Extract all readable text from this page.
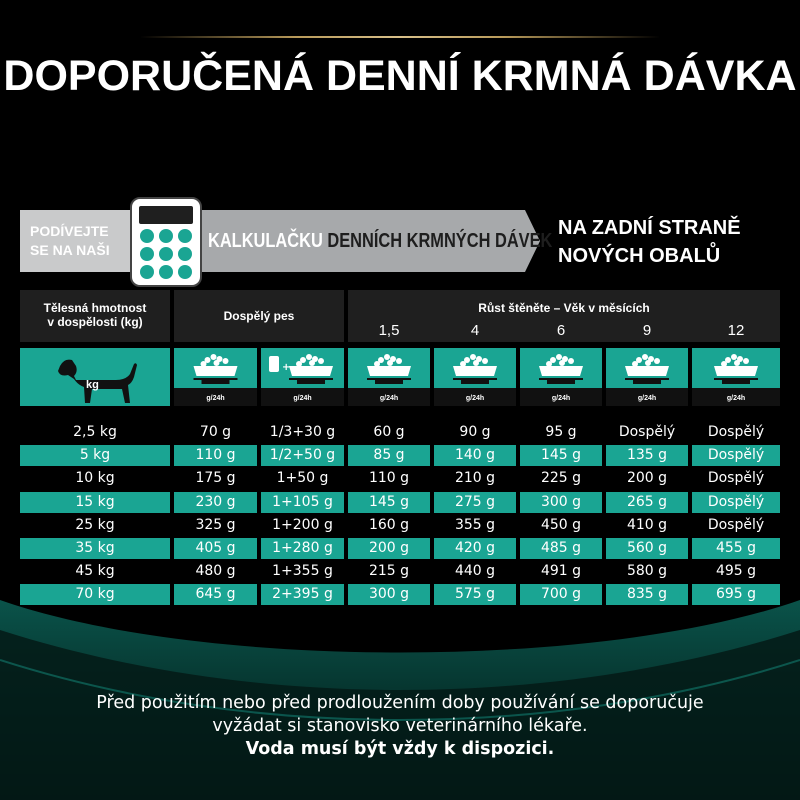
DOPORUČENÁ DENNÍ KRMNÁ DÁVKA
PODÍVEJTE
SE NA NAŠI	KALKULAČKU DENNÍCH KRMNÝCH DÁVEK
NA ZADNÍ STRANĚ
NOVÝCH OBALŮ
Tělesná hmotnost
v dospělosti (kg)	Dospělý pes
Růst štěněte – Věk v měsících
1,5	4	6	9	12
kg
g/24h
+
g/24h	g/24h	g/24h	g/24h	g/24h	g/24h
2,5 kg	70 g	1/3+30 g	60 g	90 g	95 g	Dospělý	Dospělý
5 kg	110 g	1/2+50 g	85 g	140 g	145 g	135 g	Dospělý
10 kg	175 g	1+50 g	110 g	210 g	225 g	200 g	Dospělý
15 kg	230 g	1+105 g	145 g	275 g	300 g	265 g	Dospělý
25 kg	325 g	1+200 g	160 g	355 g	450 g	410 g	Dospělý
35 kg	405 g	1+280 g	200 g	420 g	485 g	560 g	455 g
45 kg	480 g	1+355 g	215 g	440 g	491 g	580 g	495 g
70 kg	645 g	2+395 g	300 g	575 g	700 g	835 g	695 g
Před použitím nebo před prodloužením doby používání se doporučuje
vyžádat si stanovisko veterinárního lékaře.
Voda musí být vždy k dispozici.
